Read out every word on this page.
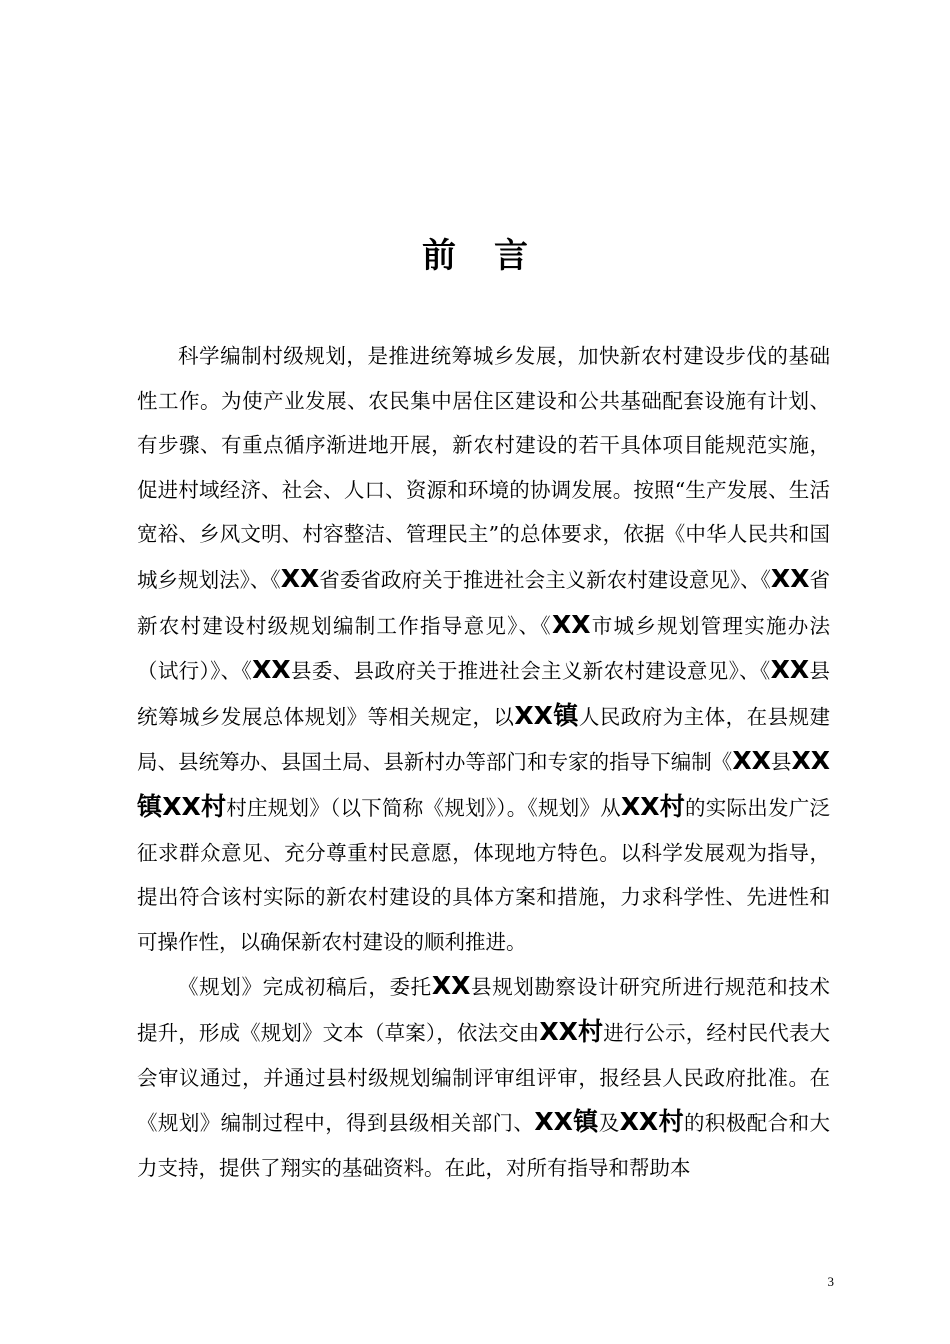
前言

科学编制村级规划，是推进统筹城乡发展，加快新农村建设步伐的基础性工作。为使产业发展、农民集中居住区建设和公共基础配套设施有计划、有步骤、有重点循序渐进地开展，新农村建设的若干具体项目能规范实施，促进村域经济、社会、人口、资源和环境的协调发展。按照“生产发展、生活宽裕、乡风文明、村容整洁、管理民主”的总体要求，依据《中华人民共和国城乡规划法》、《XX省委省政府关于推进社会主义新农村建设意见》、《XX省新农村建设村级规划编制工作指导意见》、《XX市城乡规划管理实施办法（试行）》、《XX县委、县政府关于推进社会主义新农村建设意见》、《XX县统筹城乡发展总体规划》等相关规定，以XX镇人民政府为主体，在县规建局、县统筹办、县国土局、县新村办等部门和专家的指导下编制《XX县XX镇XX村村庄规划》（以下简称《规划》）。《规划》从XX村的实际出发广泛征求群众意见、充分尊重村民意愿，体现地方特色。以科学发展观为指导，提出符合该村实际的新农村建设的具体方案和措施，力求科学性、先进性和可操作性，以确保新农村建设的顺利推进。

《规划》完成初稿后，委托XX县规划勘察设计研究所进行规范和技术提升，形成《规划》文本（草案），依法交由XX村进行公示，经村民代表大会审议通过，并通过县村级规划编制评审组评审，报经县人民政府批准。在《规划》编制过程中，得到县级相关部门、XX镇及XX村的积极配合和大力支持，提供了翔实的基础资料。在此，对所有指导和帮助本

3
